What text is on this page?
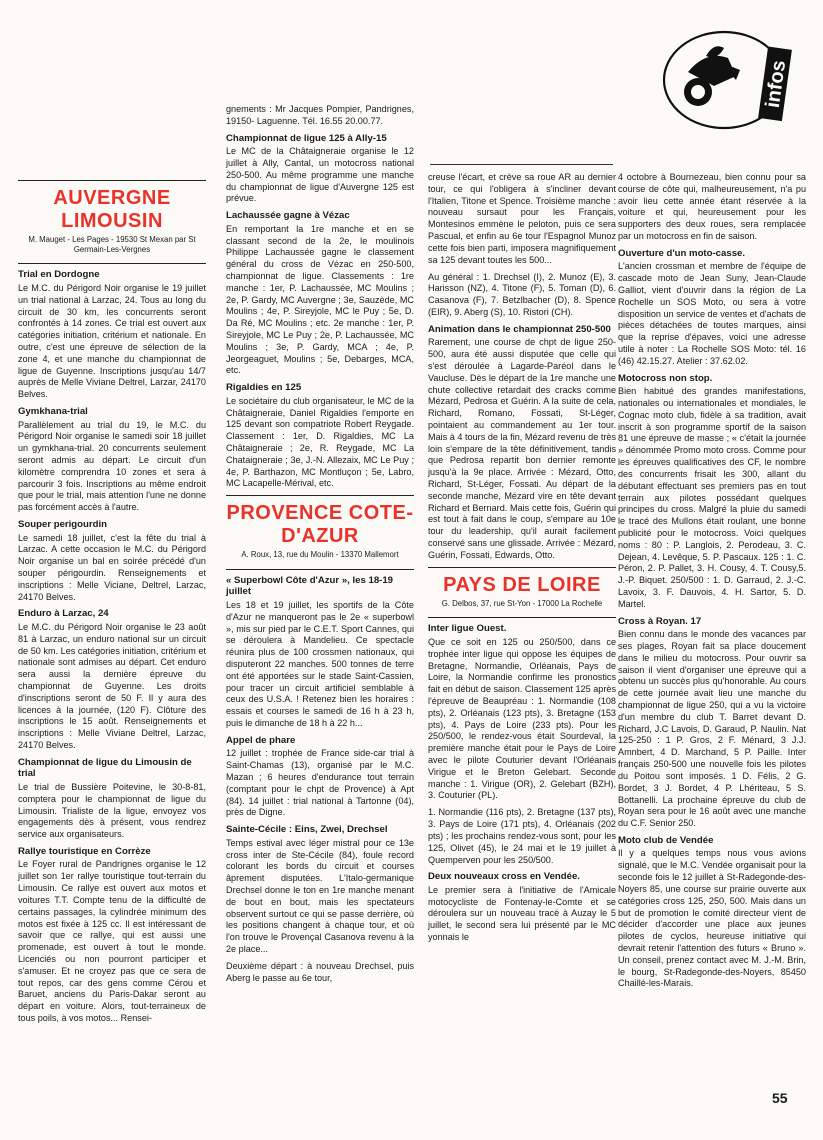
infos
AUVERGNE LIMOUSIN
M. Mauget - Les Pages - 19530 St Mexan par St Germain-Les-Vergnes
Trial en Dordogne

Le M.C. du Périgord Noir organise le 19 juillet un trial national à Larzac, 24. Tous au long du circuit de 30 km, les concurrents seront confrontés à 14 zones. Ce trial est ouvert aux catégories initiation, critérium et nationale. En outre, c'est une épreuve de sélection de la zone 4, et une manche du championnat de ligue de Guyenne. Inscriptions jusqu'au 14/7 auprès de Melle Viviane Deltrel, Larzar, 24170 Belves.

Gymkhana-trial

Parallèlement au trial du 19, le M.C. du Périgord Noir organise le samedi soir 18 juillet un gymkhana-trial. 20 concurrents seulement seront admis au départ. Le circuit d'un kilomètre comprendra 10 zones et sera à parcourir 3 fois. Inscriptions au même endroit que pour le trial, mais attention l'une ne donne pas forcément accès à l'autre.

Souper perigourdin

Le samedi 18 juillet, c'est la fête du trial à Larzac. A cette occasion le M.C. du Périgord Noir organise un bal en soirée précédé d'un souper périgourdin. Renseignements et inscriptions : Melle Viciane, Deltrel, Larzac, 24170 Belves.

Enduro à Larzac, 24

Le M.C. du Périgord Noir organise le 23 août 81 à Larzac, un enduro national sur un circuit de 50 km. Les catégories initiation, critérium et nationale sont admises au départ. Cet enduro sera aussi la dernière épreuve du championnat de Guyenne. Les droits d'inscriptions seront de 50 F. Il y aura des licences à la journée, (120 F). Clôture des inscriptions le 15 août. Renseignements et inscriptions : Melle Viviane Deltrel, Larzac, 24170 Belves.

Championnat de ligue du Limousin de trial

Le trial de Bussière Poitevine, le 30-8-81, comptera pour le championnat de ligue du Limousin. Trialiste de la ligue, envoyez vos engagements dès à présent, vous rendrez service aux organisateurs.

Rallye touristique en Corrèze

Le Foyer rural de Pandrignes organise le 12 juillet son 1er rallye touristique tout-terrain du Limousin. Ce rallye est ouvert aux motos et voitures T.T. Compte tenu de la difficulté de certains passages, la cylindrée minimum des motos est fixée à 125 cc. Il est intéressant de savoir que ce rallye, qui est aussi une promenade, est ouvert à tout le monde. Licenciés ou non pourront participer et s'amuser. Et ne croyez pas que ce sera de tout repos, car des gens comme Cérou et Baruet, anciens du Paris-Dakar seront au départ en voiture. Alors, tout-terraineux de tous poils, à vos motos... Rensei-

gnements : Mr Jacques Pompier, Pandrignes, 19150- Laguenne. Tél. 16.55 20.00.77.

Championnat de ligue 125 à Ally-15

Le MC de la Châtaigneraie organise le 12 juillet à Ally, Cantal, un motocross national 250-500. Au même programme une manche du championnat de ligue d'Auvergne 125 est prévue.

Lachaussée gagne à Vézac

En remportant la 1re manche et en se classant second de la 2e, le moulinois Philippe Lachaussée gagne le classement général du cross de Vézac en 250-500, championnat de ligue. Classements : 1re manche : 1er, P. Lachaussée, MC Moulins ; 2e, P. Gardy, MC Auvergne ; 3e, Sauzède, MC Moulins ; 4e, P. Sireyjole, MC le Puy ; 5e, D. Da Ré, MC Moulins ; etc. 2e manche : 1er, P. Sireyjole, MC Le Puy ; 2e, P. Lachaussée, MC Moulins ; 3e, P. Gardy, MCA ; 4e, P. Jeorgeaguet, Moulins ; 5e, Debarges, MCA, etc.

Rigaldies en 125

Le sociétaire du club organisateur, le MC de la Châtaigneraie, Daniel Rigaldies l'emporte en 125 devant son compatriote Robert Reygade. Classement : 1er, D. Rigaldies, MC La Châtaigneraie ; 2e, R. Reygade, MC La Chataigneraie ; 3e, J.-N. Allezaix, MC Le Puy ; 4e, P. Barthazon, MC Montluçon ; 5e, Labro, MC Lacapelle-Mérival, etc.

PROVENCE COTE-D'AZUR
A. Roux, 13, rue du Moulin - 13370 Mallemort
« Superbowl Côte d'Azur », les 18-19 juillet

Les 18 et 19 juillet, les sportifs de la Côte d'Azur ne manqueront pas le 2e « superbowl », mis sur pied par le C.E.T. Sport Cannes, qui se déroulera à Mandelieu. Ce spectacle réunira plus de 100 crossmen nationaux, qui disputeront 22 manches. 500 tonnes de terre ont été apportées sur le stade Saint-Cassien, pour tracer un circuit artificiel semblable à ceux des U.S.A. ! Retenez bien les horaires : essais et courses le samedi de 16 h à 23 h, puis le dimanche de 18 h à 22 h...

Appel de phare

12 juillet : trophée de France side-car trial à Saint-Chamas (13), organisé par le M.C. Mazan ; 6 heures d'endurance tout terrain (comptant pour le chpt de Provence) à Apt (84). 14 juillet : trial national à Tartonne (04), près de Digne.

Sainte-Cécile : Eins, Zwei, Drechsel

Temps estival avec léger mistral pour ce 13e cross inter de Ste-Cécile (84), foule record colorant les bords du circuit et courses âprement disputées. L'Italo-germanique Drechsel donne le ton en 1re manche menant de bout en bout, mais les spectateurs observent surtout ce qui se passe derrière, où les positions changent à chaque tour, et où l'on trouve le Provençal Casanova revenu à la 2e place...

Deuxième départ : à nouveau Drechsel, puis Aberg le passe au 6e tour,

creuse l'écart, et crève sa roue AR au dernier tour, ce qui l'obligera à s'incliner devant l'Italien, Titone et Spence. Troisième manche : nouveau sursaut pour les Français, Montesinos emmène le peloton, puis ce sera Pascual, et enfin au 6e tour l'Espagnol Munoz cette fois bien parti, imposera magnifiquement sa 125 devant toutes les 500...

Au général : 1. Drechsel (I), 2. Munoz (E), 3. Harisson (NZ), 4. Titone (F), 5. Toman (D), 6. Casanova (F), 7. Betzlbacher (D), 8. Spence (EIR), 9. Aberg (S), 10. Ristori (CH).

Animation dans le championnat 250-500

Rarement, une course de chpt de ligue 250-500, aura été aussi disputée que celle qui s'est déroulée à Lagarde-Paréol dans le Vaucluse. Dès le départ de la 1re manche une chute collective retardait des cracks comme Mézard, Pedrosa et Guérin. A la suite de cela, Richard, Romano, Fossati, St-Léger, pointaient au commandement au 1er tour. Mais à 4 tours de la fin, Mézard revenu de très loin s'empare de la tête définitivement, tandis que Pedrosa repartit bon dernier remonte jusqu'à la 9e place. Arrivée : Mézard, Otto, Richard, St-Léger, Fossati. Au départ de la seconde manche, Mézard vire en tête devant Richard et Bernard. Mais cette fois, Guérin qui est tout à fait dans le coup, s'empare au 10e tour du leadership, qu'il aurait facilement conservé sans une glissade. Arrivée : Mézard, Guérin, Fossati, Edwards, Otto.

PAYS DE LOIRE
G. Delbos, 37, rue St-Yon - 17000 La Rochelle
Inter ligue Ouest.

Que ce soit en 125 ou 250/500, dans ce trophée inter ligue qui oppose les équipes de Bretagne, Normandie, Orléanais, Pays de Loire, la Normandie confirme les pronostics fait en début de saison. Classement 125 après l'épreuve de Beaupréau : 1. Normandie (108 pts), 2. Orléanais (123 pts), 3. Bretagne (153 pts), 4. Pays de Loire (233 pts). Pour les 250/500, le rendez-vous était Sourdeval, la première manche était pour le Pays de Loire avec le pilote Couturier devant l'Orléanais Virigue et le Breton Gelebart. Seconde manche : 1. Virigue (OR), 2. Gelebart (BZH), 3. Couturier (PL).

1. Normandie (116 pts), 2. Bretagne (137 pts), 3. Pays de Loire (171 pts), 4. Orléanais (202 pts) ; les prochains rendez-vous sont, pour les 125, Olivet (45), le 24 mai et le 19 juillet à Quemperven pour les 250/500.

Deux nouveaux cross en Vendée.

Le premier sera à l'initiative de l'Amicale motocycliste de Fontenay-le-Comte et se déroulera sur un nouveau tracé à Auzay le 5 juillet, le second sera lui présenté par le MC yonnais le

4 octobre à Bournezeau, bien connu pour sa course de côte qui, malheureusement, n'a pu avoir lieu cette année étant réservée à la voiture et qui, heureusement pour les supporters des deux roues, sera remplacée par un motocross en fin de saison.

Ouverture d'un moto-casse.

L'ancien crossman et membre de l'équipe de cascade moto de Jean Suny, Jean-Claude Galliot, vient d'ouvrir dans la région de La Rochelle un SOS Moto, ou sera à votre disposition un service de ventes et d'achats de pièces détachées de toutes marques, ainsi que la reprise d'épaves, voici une adresse utile à noter : La Rochelle SOS Moto: tél. 16 (46) 42.15.27. Atelier : 37.62.02.

Motocross non stop.

Bien habitué des grandes manifestations, nationales ou internationales et mondiales, le Cognac moto club, fidèle à sa tradition, avait inscrit à son programme sportif de la saison 81 une épreuve de masse ; « c'était la journée » dénommée Promo moto cross. Comme pour les épreuves qualificatives des CF, le nombre des concurrents frisait les 300, allant du débutant effectuant ses premiers pas en tout terrain aux pilotes possédant quelques principes du cross. Malgré la pluie du samedi le tracé des Mullons était roulant, une bonne publicité pour le motocross. Voici quelques noms : 80 : P. Langlois, 2. Perodeau, 3. C. Dejean, 4. Levêque, 5. P. Pascaux. 125 : 1. C. Péron, 2. P. Pallet, 3. H. Cousy, 4. T. Cousy,5. J.-P. Biquet. 250/500 : 1. D. Garraud, 2. J.-C. Lavoix, 3. F. Dauvois, 4. H. Sartor, 5. D. Martel.

Cross à Royan. 17

Bien connu dans le monde des vacances par ses plages, Royan fait sa place doucement dans le milieu du motocross. Pour ouvrir sa saison il vient d'organiser une épreuve qui a obtenu un succès plus qu'honorable. Au cours de cette journée avait lieu une manche du championnat de ligue 250, qui a vu la victoire d'un membre du club T. Barret devant D. Richard, J.C Lavois, D. Garaud, P. Naulin. Nat 125-250 : 1 P. Gros, 2 F. Ménard, 3 J.J. Amnbert, 4 D. Marchand, 5 P. Paille. Inter français 250-500 une nouvelle fois les pilotes du Poitou sont imposés. 1 D. Félis, 2 G. Bordet, 3 J. Bordet, 4 P. Lhériteau, 5 S. Bottanelli. La prochaine épreuve du club de Royan sera pour le 16 août avec une manche du C.F. Senior 250.

Moto club de Vendée

Il y a quelques temps nous vous avions signalé, que le M.C. Vendée organisait pour la seconde fois le 12 juillet à St-Radegonde-des-Noyers 85, une course sur prairie ouverte aux catégories cross 125, 250, 500. Mais dans un but de promotion le comité directeur vient de décider d'accorder une place aux jeunes pilotes de cyclos, heureuse initiative qui devrait retenir l'attention des futurs « Bruno ». Un conseil, prenez contact avec M. J.-M. Brin, le bourg, St-Radegonde-des-Noyers, 85450 Chaillé-les-Marais.

55
